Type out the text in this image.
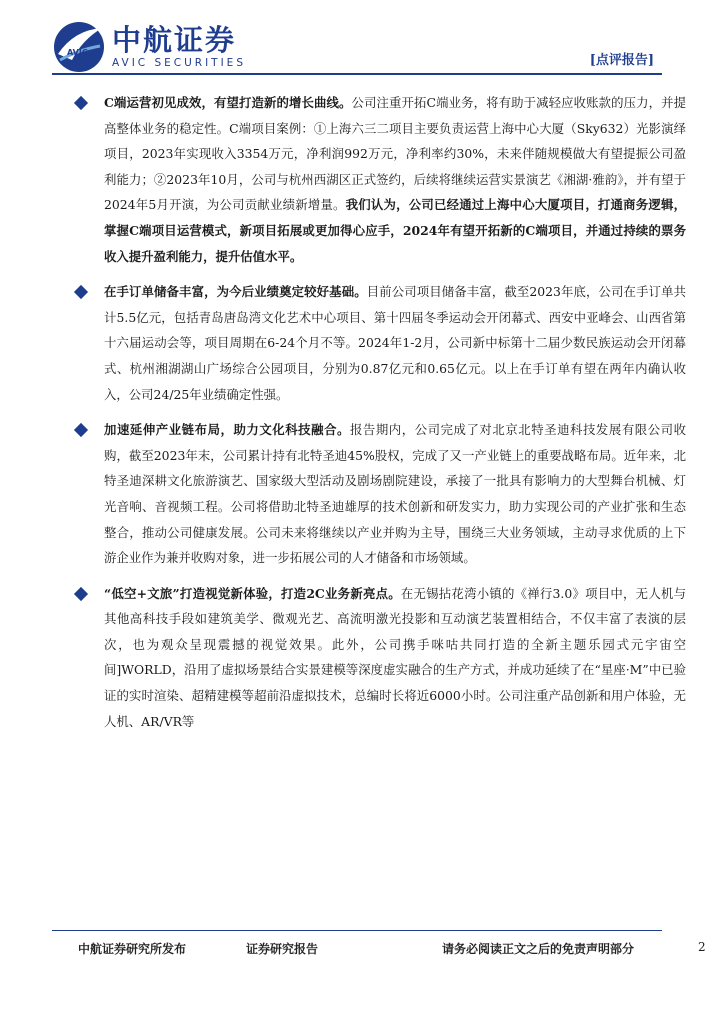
AVIC 中航证券
AVIC SECURITIES	[点评报告]
C端运营初见成效，有望打造新的增长曲线。公司注重开拓C端业务，将有助于减轻应收账款的压力，并提高整体业务的稳定性。C端项目案例：①上海六三二项目主要负责运营上海中心大厦（Sky632）光影演绎项目，2023年实现收入3354万元，净利润992万元，净利率约30%，未来伴随规模做大有望提振公司盈利能力；②2023年10月，公司与杭州西湖区正式签约，后续将继续运营实景演艺《湘湖·雅韵》，并有望于2024年5月开演，为公司贡献业绩新增量。我们认为，公司已经通过上海中心大厦项目，打通商务逻辑，掌握C端项目运营模式，新项目拓展或更加得心应手，2024年有望开拓新的C端项目，并通过持续的票务收入提升盈利能力，提升估值水平。
在手订单储备丰富，为今后业绩奠定较好基础。目前公司项目储备丰富，截至2023年底，公司在手订单共计5.5亿元，包括青岛唐岛湾文化艺术中心项目、第十四届冬季运动会开闭幕式、西安中亚峰会、山西省第十六届运动会等，项目周期在6-24个月不等。2024年1-2月，公司新中标第十二届少数民族运动会开闭幕式、杭州湘湖湖山广场综合公园项目，分别为0.87亿元和0.65亿元。以上在手订单有望在两年内确认收入，公司24/25年业绩确定性强。
加速延伸产业链布局，助力文化科技融合。报告期内，公司完成了对北京北特圣迪科技发展有限公司收购，截至2023年末，公司累计持有北特圣迪45%股权，完成了又一产业链上的重要战略布局。近年来，北特圣迪深耕文化旅游演艺、国家级大型活动及剧场剧院建设，承接了一批具有影响力的大型舞台机械、灯光音响、音视频工程。公司将借助北特圣迪雄厚的技术创新和研发实力，助力实现公司的产业扩张和生态整合，推动公司健康发展。公司未来将继续以产业并购为主导，围绕三大业务领域，主动寻求优质的上下游企业作为兼并收购对象，进一步拓展公司的人才储备和市场领域。
“低空+文旅”打造视觉新体验，打造2C业务新亮点。在无锡拈花湾小镇的《禅行3.0》项目中，无人机与其他高科技手段如建筑美学、微观光艺、高流明激光投影和互动演艺装置相结合，不仅丰富了表演的层次，也为观众呈现震撼的视觉效果。此外，公司携手咪咕共同打造的全新主题乐园式元宇宙空间]WORLD，沿用了虚拟场景结合实景建模等深度虚实融合的生产方式，并成功延续了在“星座·M”中已验证的实时渲染、超精建模等超前沿虚拟技术，总编时长将近6000小时。公司注重产品创新和用户体验，无人机、AR/VR等
中航证券研究所发布	证券研究报告	请务必阅读正文之后的免责声明部分	2
